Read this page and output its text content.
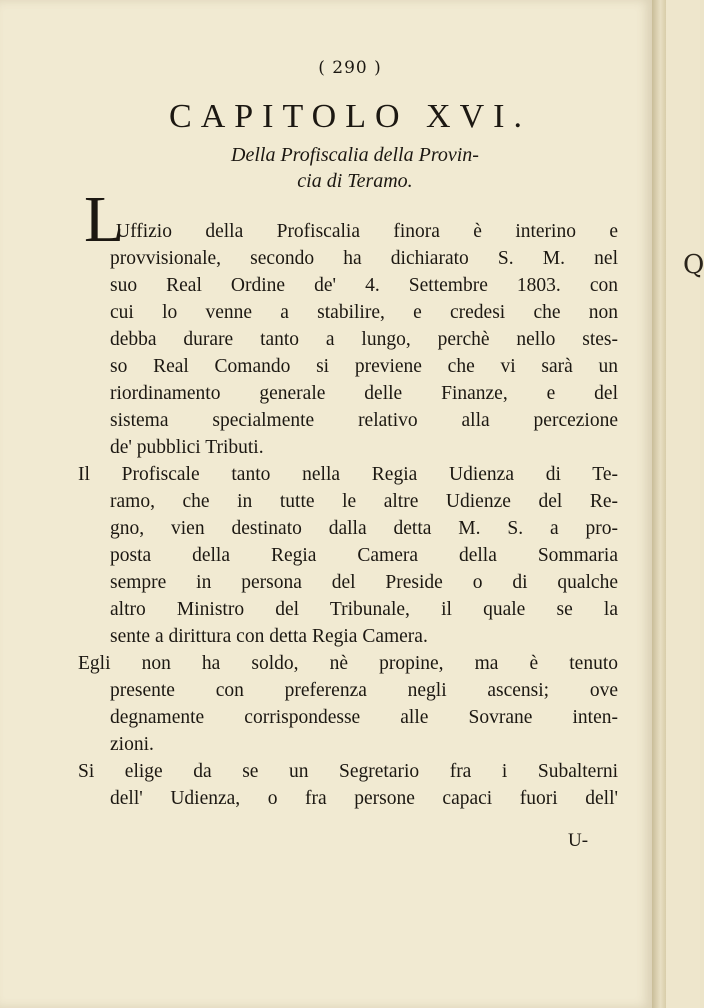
Q
( 290 )
CAPITOLO XVI.
Della Profiscalia della Provin-
cia di Teramo.
L
Uffizio della Profiscalia finora è interino e
provvisionale, secondo ha dichiarato S. M. nel
suo Real Ordine de' 4. Settembre 1803. con
cui lo venne a stabilire, e credesi che non
debba durare tanto a lungo, perchè nello stes-
so Real Comando si previene che vi sarà un
riordinamento generale delle Finanze, e del
sistema specialmente relativo alla percezione
de' pubblici Tributi.
Il Profiscale tanto nella Regia Udienza di Te-
ramo, che in tutte le altre Udienze del Re-
gno, vien destinato dalla detta M. S. a pro-
posta della Regia Camera della Sommaria
sempre in persona del Preside o di qualche
altro Ministro del Tribunale, il quale se la
sente a dirittura con detta Regia Camera.
Egli non ha soldo, nè propine, ma è tenuto
presente con preferenza negli ascensi; ove
degnamente corrispondesse alle Sovrane inten-
zioni.
Si elige da se un Segretario fra i Subalterni
dell' Udienza, o fra persone capaci fuori dell'
U-
